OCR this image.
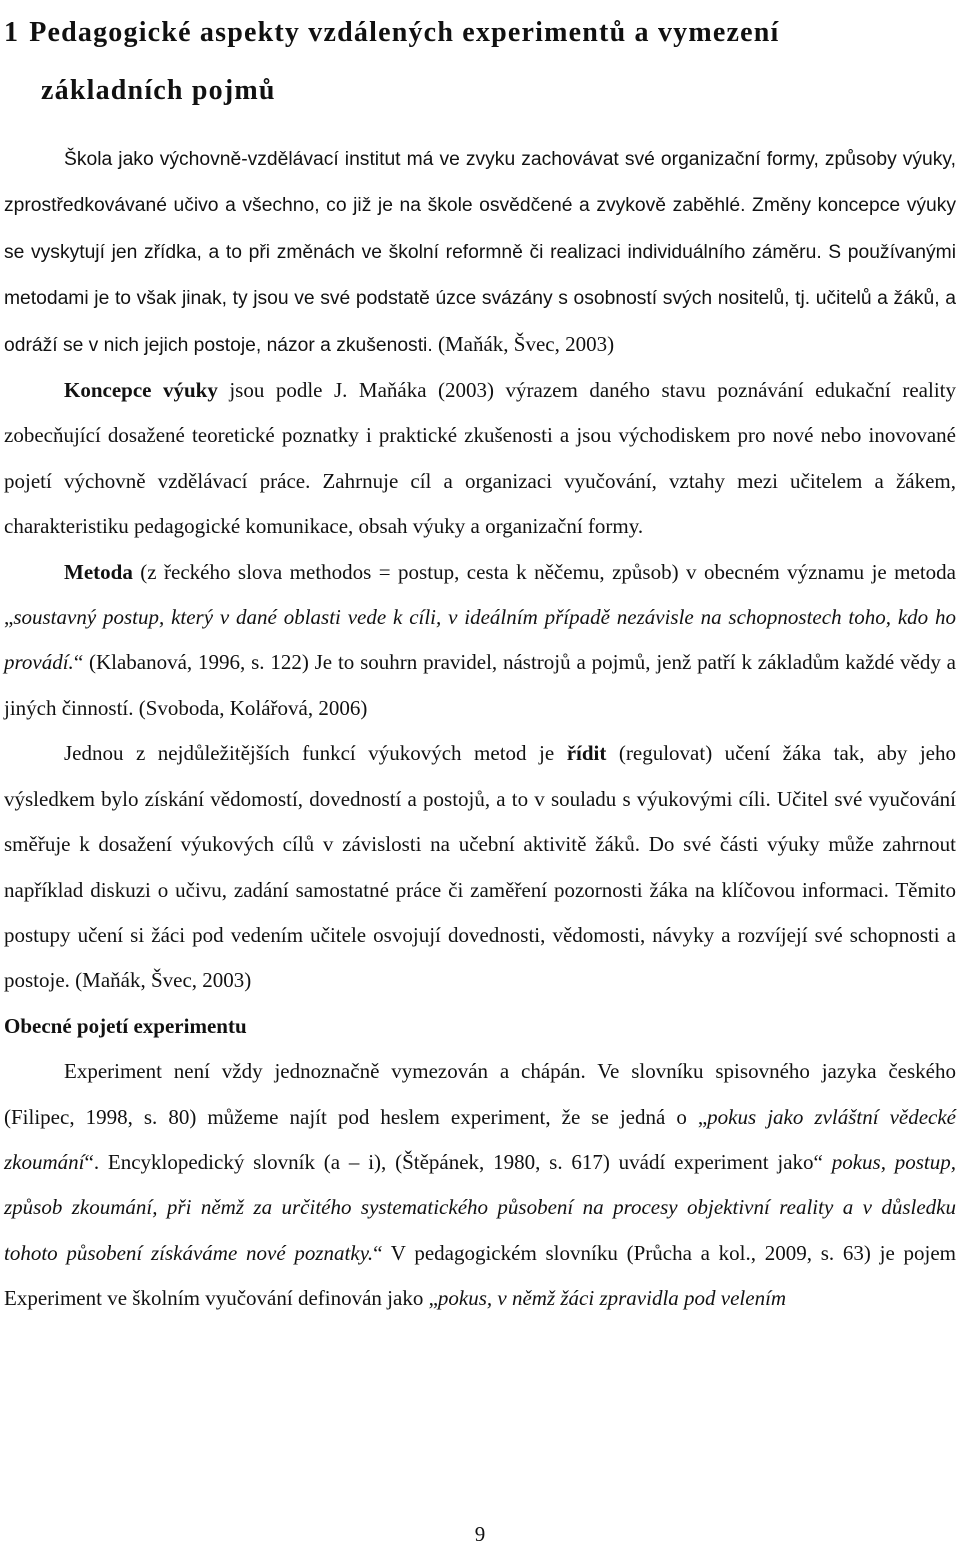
1 Pedagogické aspekty vzdálených experimentů a vymezení
základních pojmů

Škola jako výchovně-vzdělávací institut má ve zvyku zachovávat své organizační formy, způsoby výuky, zprostředkovávané učivo a všechno, co již je na škole osvědčené a zvykově zaběhlé. Změny koncepce výuky se vyskytují jen zřídka, a to při změnách ve školní reformně či realizaci individuálního záměru. S používanými metodami je to však jinak, ty jsou ve své podstatě úzce svázány s osobností svých nositelů, tj. učitelů a žáků, a odráží se v nich jejich postoje, názor a zkušenosti. (Maňák, Švec, 2003)

Koncepce výuky jsou podle J. Maňáka (2003) výrazem daného stavu poznávání edukační reality zobecňující dosažené teoretické poznatky i praktické zkušenosti a jsou východiskem pro nové nebo inovované pojetí výchovně vzdělávací práce. Zahrnuje cíl a organizaci vyučování, vztahy mezi učitelem a žákem, charakteristiku pedagogické komunikace, obsah výuky a organizační formy.

Metoda (z řeckého slova methodos = postup, cesta k něčemu, způsob) v obecném významu je metoda „soustavný postup, který v dané oblasti vede k cíli, v ideálním případě nezávisle na schopnostech toho, kdo ho provádí.“ (Klabanová, 1996, s. 122) Je to souhrn pravidel, nástrojů a pojmů, jenž patří k základům každé vědy a jiných činností. (Svoboda, Kolářová, 2006)

Jednou z nejdůležitějších funkcí výukových metod je řídit (regulovat) učení žáka tak, aby jeho výsledkem bylo získání vědomostí, dovedností a postojů, a to v souladu s výukovými cíli. Učitel své vyučování směřuje k dosažení výukových cílů v závislosti na učební aktivitě žáků. Do své části výuky může zahrnout například diskuzi o učivu, zadání samostatné práce či zaměření pozornosti žáka na klíčovou informaci. Těmito postupy učení si žáci pod vedením učitele osvojují dovednosti, vědomosti, návyky a rozvíjejí své schopnosti a postoje. (Maňák, Švec, 2003)

Obecné pojetí experimentu

Experiment není vždy jednoznačně vymezován a chápán. Ve slovníku spisovného jazyka českého (Filipec, 1998, s. 80) můžeme najít pod heslem experiment, že se jedná o „pokus jako zvláštní vědecké zkoumání“. Encyklopedický slovník (a – i), (Štěpánek, 1980, s. 617) uvádí experiment jako“ pokus, postup, způsob zkoumání, při němž za určitého systematického působení na procesy objektivní reality a v důsledku tohoto působení získáváme nové poznatky.“ V pedagogickém slovníku (Průcha a kol., 2009, s. 63) je pojem Experiment ve školním vyučování definován jako „pokus, v němž žáci zpravidla pod velením

9
